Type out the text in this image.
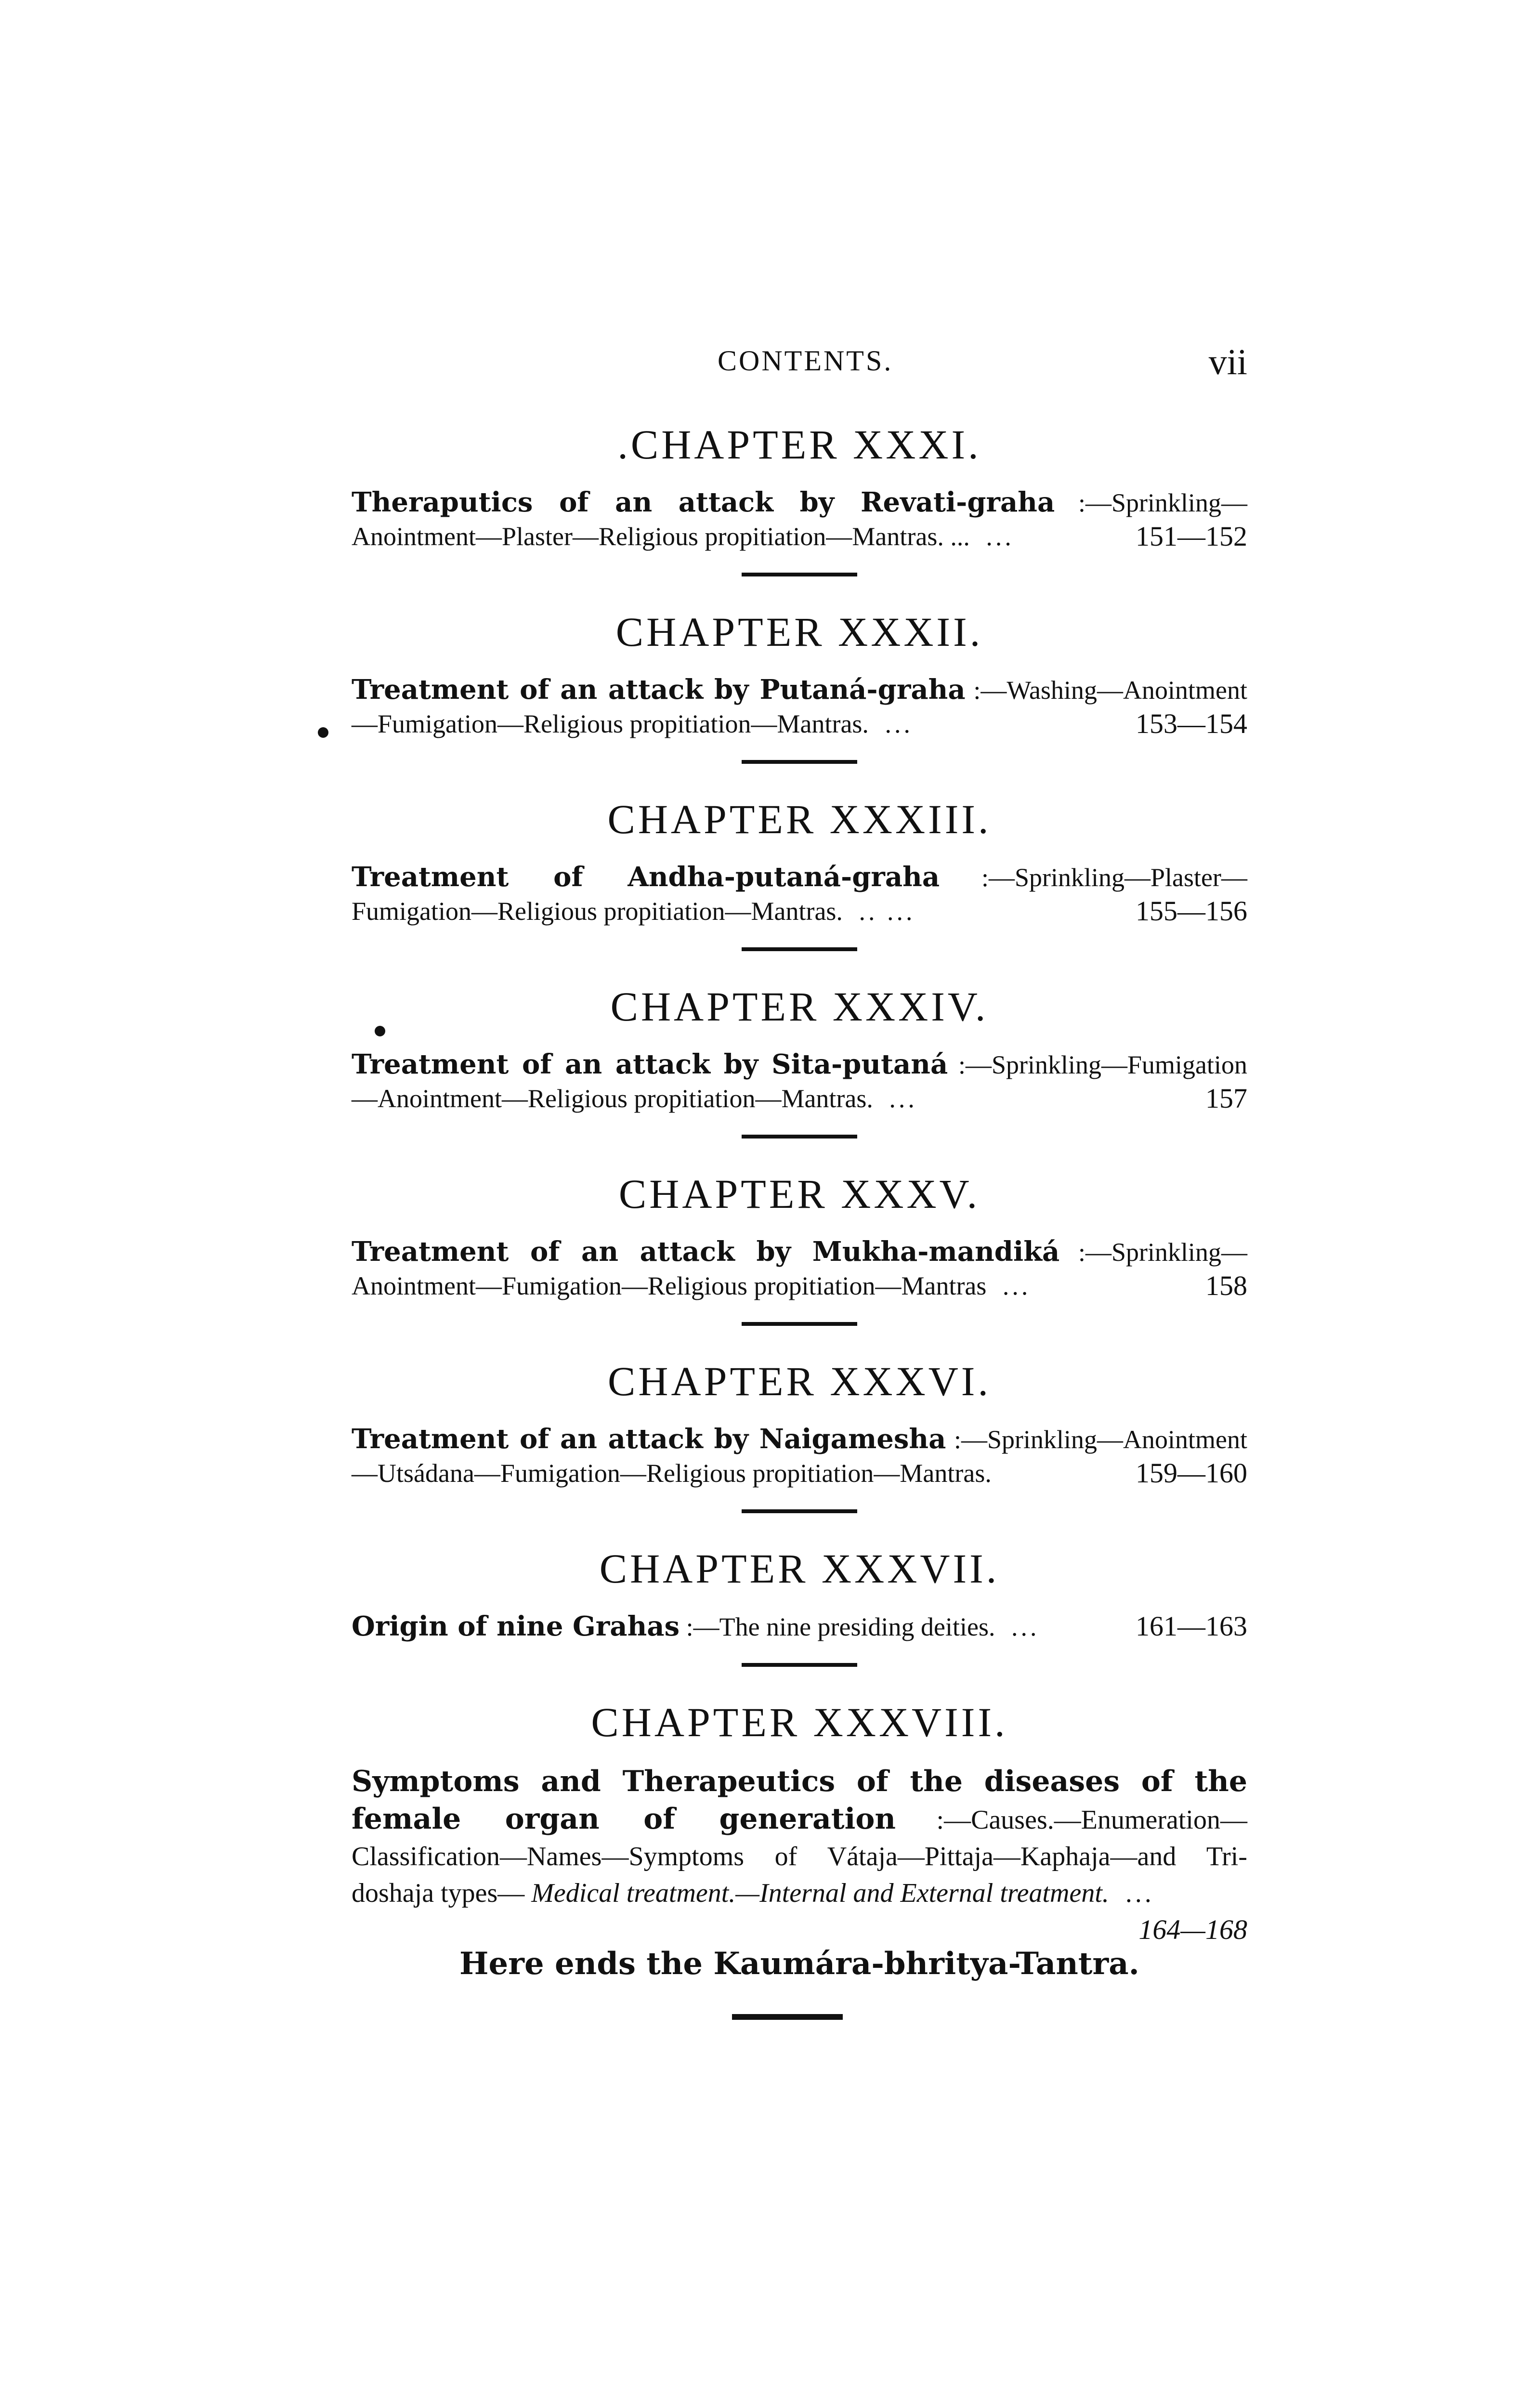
CONTENTS.	vii
.CHAPTER XXXI.
Theraputics of an attack by Revati-graha :—Sprinkling—Anointment—Plaster—Religious propitiation—Mantras. ... ...	151—152
CHAPTER XXXII.
Treatment of an attack by Putaná-graha :—Washing—Anointment—Fumigation—Religious propitiation—Mantras. ...	153—154
CHAPTER XXXIII.
Treatment of Andha-putaná-graha :—Sprinkling—Plaster—Fumigation—Religious propitiation—Mantras. .. ...	155—156
CHAPTER XXXIV.
Treatment of an attack by Sita-putaná :—Sprinkling—Fumigation—Anointment—Religious propitiation—Mantras. ...	157
CHAPTER XXXV.
Treatment of an attack by Mukha-mandiká :—Sprinkling—Anointment—Fumigation—Religious propitiation—Mantras ...	158
CHAPTER XXXVI.
Treatment of an attack by Naigamesha :—Sprinkling—Anointment—Utsádana—Fumigation—Religious propitiation—Mantras.	159—160
CHAPTER XXXVII.
Origin of nine Grahas :—The nine presiding deities. ...	161—163
CHAPTER XXXVIII.
Symptoms and Therapeutics of the diseases of the female organ of generation :—Causes.—Enumeration—Classification—Names—Symptoms of Vátaja—Pittaja—Kaphaja—and Tri-doshaja types— Medical treatment.—Internal and External treatment. ...
164—168
Here ends the Kaumára-bhritya-Tantra.
